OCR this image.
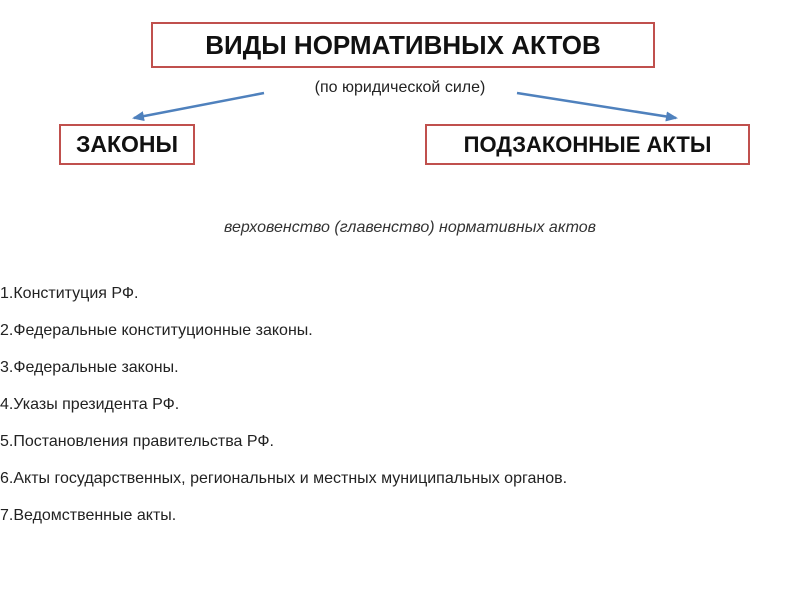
ВИДЫ НОРМАТИВНЫХ АКТОВ
(по юридической силе)
ЗАКОНЫ	ПОДЗАКОННЫЕ АКТЫ
верховенство (главенство) нормативных актов
1.Конституция РФ.
2.Федеральные конституционные законы.
3.Федеральные законы.
4.Указы президента РФ.
5.Постановления правительства РФ.
6.Акты государственных, региональных и местных муниципальных органов.
7.Ведомственные акты.
